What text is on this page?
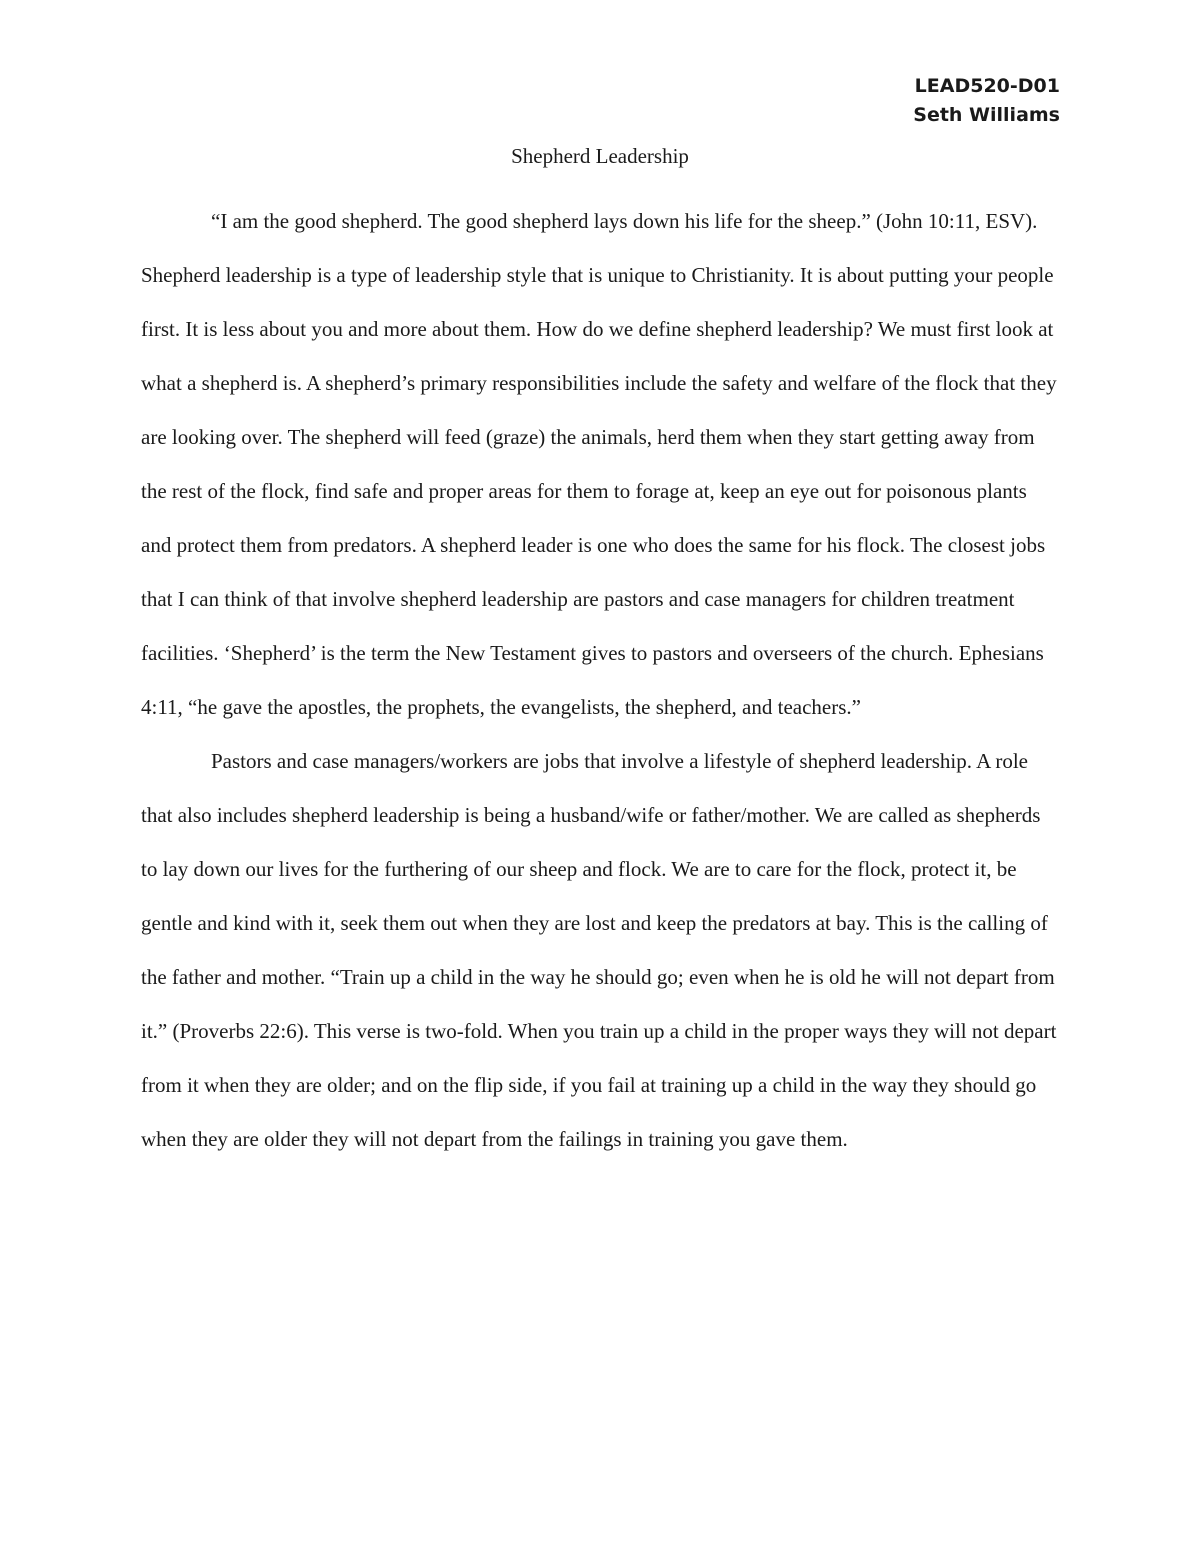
LEAD520-D01
Seth Williams
Shepherd Leadership

“I am the good shepherd. The good shepherd lays down his life for the sheep.” (John 10:11, ESV). Shepherd leadership is a type of leadership style that is unique to Christianity. It is about putting your people first. It is less about you and more about them. How do we define shepherd leadership? We must first look at what a shepherd is. A shepherd’s primary responsibilities include the safety and welfare of the flock that they are looking over. The shepherd will feed (graze) the animals, herd them when they start getting away from the rest of the flock, find safe and proper areas for them to forage at, keep an eye out for poisonous plants and protect them from predators. A shepherd leader is one who does the same for his flock. The closest jobs that I can think of that involve shepherd leadership are pastors and case managers for children treatment facilities. ‘Shepherd’ is the term the New Testament gives to pastors and overseers of the church. Ephesians 4:11, “he gave the apostles, the prophets, the evangelists, the shepherd, and teachers.”

Pastors and case managers/workers are jobs that involve a lifestyle of shepherd leadership. A role that also includes shepherd leadership is being a husband/wife or father/mother. We are called as shepherds to lay down our lives for the furthering of our sheep and flock. We are to care for the flock, protect it, be gentle and kind with it, seek them out when they are lost and keep the predators at bay. This is the calling of the father and mother. “Train up a child in the way he should go; even when he is old he will not depart from it.” (Proverbs 22:6). This verse is two-fold. When you train up a child in the proper ways they will not depart from it when they are older; and on the flip side, if you fail at training up a child in the way they should go when they are older they will not depart from the failings in training you gave them.
